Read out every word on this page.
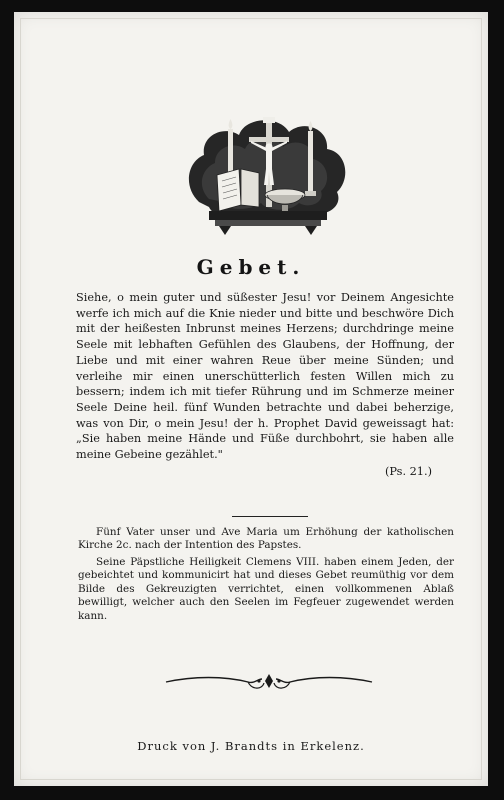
Gebet.
Siehe, o mein guter und süßester Jesu! vor Deinem Angesichte werfe ich mich auf die Knie nieder und bitte und beschwöre Dich mit der heißesten Inbrunst meines Herzens; durchdringe meine Seele mit lebhaften Gefühlen des Glaubens, der Hoffnung, der Liebe und mit einer wahren Reue über meine Sünden; und verleihe mir einen unerschütterlich festen Willen mich zu bessern; indem ich mit tiefer Rührung und im Schmerze meiner Seele Deine heil. fünf Wunden betrachte und dabei beherzige, was von Dir, o mein Jesu! der h. Prophet David geweissagt hat: „Sie haben meine Hände und Füße durchbohrt, sie haben alle meine Gebeine gezählet."
(Ps. 21.)
Fünf Vater unser und Ave Maria um Erhöhung der katholischen Kirche 2c. nach der Intention des Papstes.
Seine Päpstliche Heiligkeit Clemens VIII. haben einem Jeden, der gebeichtet und kommunicirt hat und dieses Gebet reumüthig vor dem Bilde des Gekreuzigten verrichtet, einen vollkommenen Ablaß bewilligt, welcher auch den Seelen im Fegfeuer zugewendet werden kann.
Druck von J. Brandts in Erkelenz.
